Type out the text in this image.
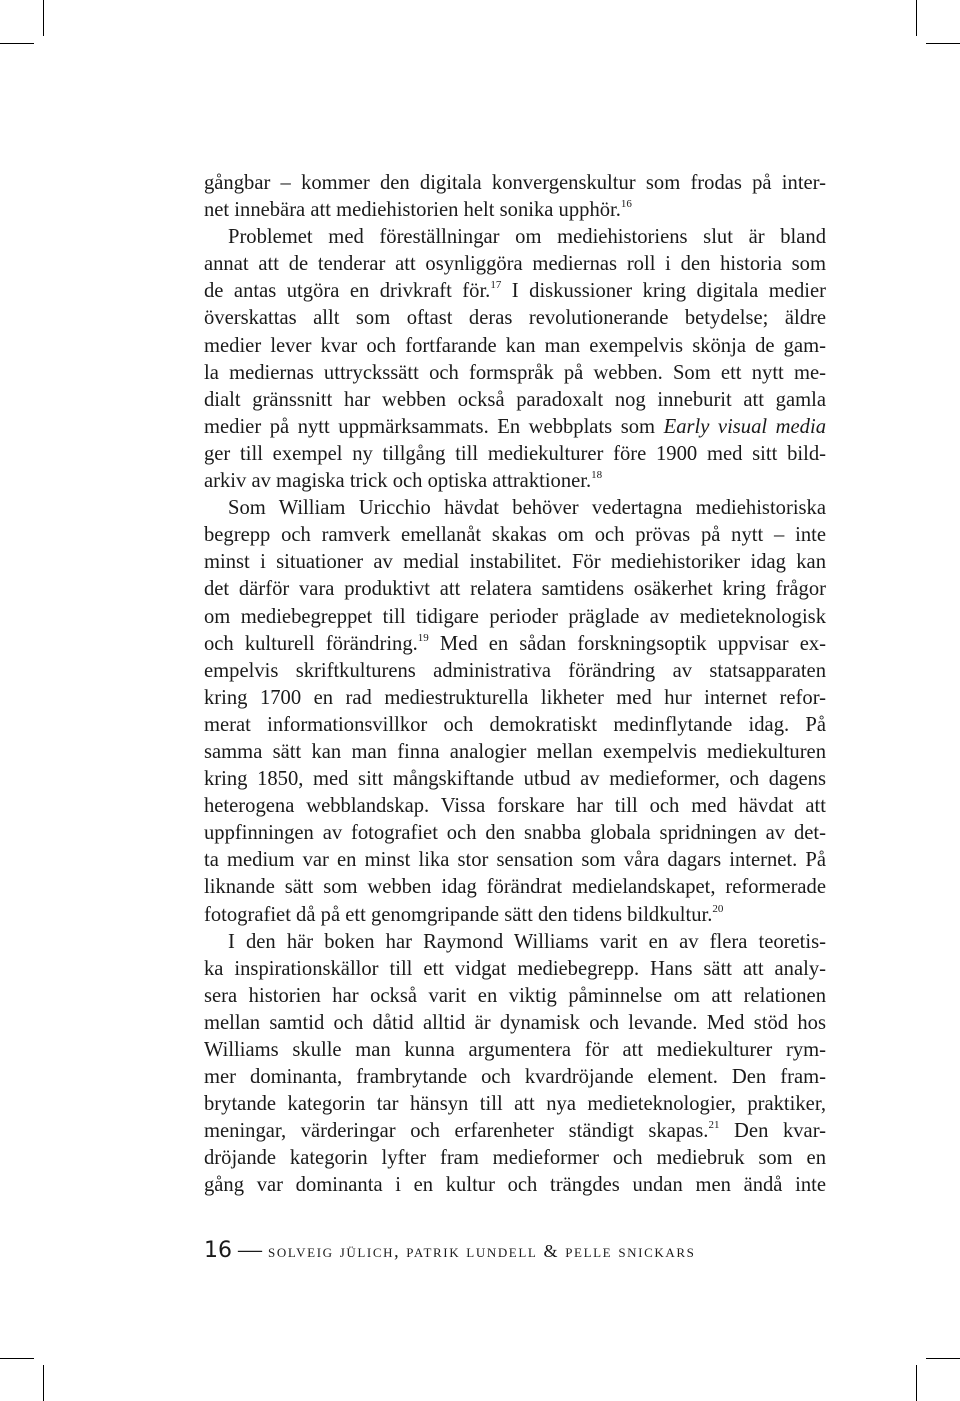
gångbar – kommer den digitala konvergenskultur som frodas på inter-
net innebära att mediehistorien helt sonika upphör.$^{16}$
Problemet med föreställningar om mediehistoriens slut är bland
annat att de tenderar att osynliggöra mediernas roll i den historia som
de antas utgöra en drivkraft för.$^{17}$ I diskussioner kring digitala medier
överskattas allt som oftast deras revolutionerande betydelse; äldre
medier lever kvar och fortfarande kan man exempelvis skönja de gam-
la mediernas uttryckssätt och formspråk på webben. Som ett nytt me-
dialt gränssnitt har webben också paradoxalt nog inneburit att gamla
medier på nytt uppmärksammats. En webbplats som Early visual media
ger till exempel ny tillgång till mediekulturer före 1900 med sitt bild-
arkiv av magiska trick och optiska attraktioner.$^{18}$
Som William Uricchio hävdat behöver vedertagna mediehistoriska
begrepp och ramverk emellanåt skakas om och prövas på nytt – inte
minst i situationer av medial instabilitet. För mediehistoriker idag kan
det därför vara produktivt att relatera samtidens osäkerhet kring frågor
om mediebegreppet till tidigare perioder präglade av medieteknologisk
och kulturell förändring.$^{19}$ Med en sådan forskningsoptik uppvisar ex-
empelvis skriftkulturens administrativa förändring av statsapparaten
kring 1700 en rad mediestrukturella likheter med hur internet refor-
merat informationsvillkor och demokratiskt medinflytande idag. På
samma sätt kan man finna analogier mellan exempelvis mediekulturen
kring 1850, med sitt mångskiftande utbud av medieformer, och dagens
heterogena webblandskap. Vissa forskare har till och med hävdat att
uppfinningen av fotografiet och den snabba globala spridningen av det-
ta medium var en minst lika stor sensation som våra dagars internet. På
liknande sätt som webben idag förändrat medielandskapet, reformerade
fotografiet då på ett genomgripande sätt den tidens bildkultur.$^{20}$
I den här boken har Raymond Williams varit en av flera teoretis-
ka inspirationskällor till ett vidgat mediebegrepp. Hans sätt att analy-
sera historien har också varit en viktig påminnelse om att relationen
mellan samtid och dåtid alltid är dynamisk och levande. Med stöd hos
Williams skulle man kunna argumentera för att mediekulturer rym-
mer dominanta, frambrytande och kvardröjande element. Den fram-
brytande kategorin tar hänsyn till att nya medieteknologier, praktiker,
meningar, värderingar och erfarenheter ständigt skapas.$^{21}$ Den kvar-
dröjande kategorin lyfter fram medieformer och mediebruk som en
gång var dominanta i en kultur och trängdes undan men ändå inte
16 — solveig jülich, patrik lundell & pelle snickars
